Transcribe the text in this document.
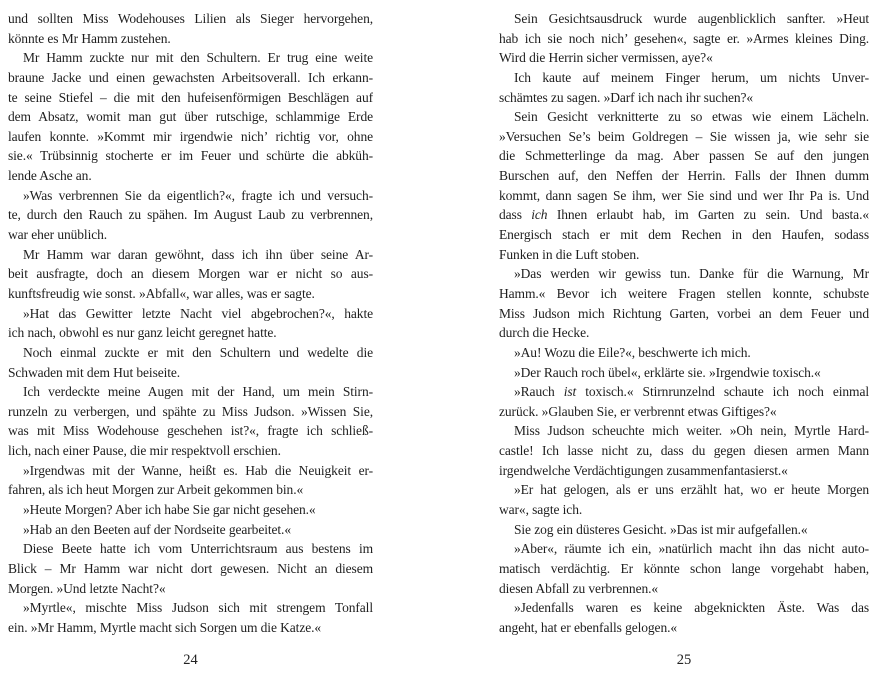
und sollten Miss Wodehouses Lilien als Sieger hervorgehen,
könnte es Mr Hamm zustehen.
Mr Hamm zuckte nur mit den Schultern. Er trug eine weite
braune Jacke und einen gewachsten Arbeitsoverall. Ich erkann-
te seine Stiefel – die mit den hufeisenförmigen Beschlägen auf
dem Absatz, womit man gut über rutschige, schlammige Erde
laufen konnte. »Kommt mir irgendwie nich’ richtig vor, ohne
sie.« Trübsinnig stocherte er im Feuer und schürte die abküh-
lende Asche an.
»Was verbrennen Sie da eigentlich?«, fragte ich und versuch-
te, durch den Rauch zu spähen. Im August Laub zu verbrennen,
war eher unüblich.
Mr Hamm war daran gewöhnt, dass ich ihn über seine Ar-
beit ausfragte, doch an diesem Morgen war er nicht so aus-
kunftsfreudig wie sonst. »Abfall«, war alles, was er sagte.
»Hat das Gewitter letzte Nacht viel abgebrochen?«, hakte
ich nach, obwohl es nur ganz leicht geregnet hatte.
Noch einmal zuckte er mit den Schultern und wedelte die
Schwaden mit dem Hut beiseite.
Ich verdeckte meine Augen mit der Hand, um mein Stirn-
runzeln zu verbergen, und spähte zu Miss Judson. »Wissen Sie,
was mit Miss Wodehouse geschehen ist?«, fragte ich schließ-
lich, nach einer Pause, die mir respektvoll erschien.
»Irgendwas mit der Wanne, heißt es. Hab die Neuigkeit er-
fahren, als ich heut Morgen zur Arbeit gekommen bin.«
»Heute Morgen? Aber ich habe Sie gar nicht gesehen.«
»Hab an den Beeten auf der Nordseite gearbeitet.«
Diese Beete hatte ich vom Unterrichtsraum aus bestens im
Blick – Mr Hamm war nicht dort gewesen. Nicht an diesem
Morgen. »Und letzte Nacht?«
»Myrtle«, mischte Miss Judson sich mit strengem Tonfall
ein. »Mr Hamm, Myrtle macht sich Sorgen um die Katze.«
24
Sein Gesichtsausdruck wurde augenblicklich sanfter. »Heut
hab ich sie noch nich’ gesehen«, sagte er. »Armes kleines Ding.
Wird die Herrin sicher vermissen, aye?«
Ich kaute auf meinem Finger herum, um nichts Unver-
schämtes zu sagen. »Darf ich nach ihr suchen?«
Sein Gesicht verknitterte zu so etwas wie einem Lächeln.
»Versuchen Se’s beim Goldregen – Sie wissen ja, wie sehr sie
die Schmetterlinge da mag. Aber passen Se auf den jungen
Burschen auf, den Neffen der Herrin. Falls der Ihnen dumm
kommt, dann sagen Se ihm, wer Sie sind und wer Ihr Pa is. Und
dass ich Ihnen erlaubt hab, im Garten zu sein. Und basta.«
Energisch stach er mit dem Rechen in den Haufen, sodass
Funken in die Luft stoben.
»Das werden wir gewiss tun. Danke für die Warnung, Mr
Hamm.« Bevor ich weitere Fragen stellen konnte, schubste
Miss Judson mich Richtung Garten, vorbei an dem Feuer und
durch die Hecke.
»Au! Wozu die Eile?«, beschwerte ich mich.
»Der Rauch roch übel«, erklärte sie. »Irgendwie toxisch.«
»Rauch ist toxisch.« Stirnrunzelnd schaute ich noch einmal
zurück. »Glauben Sie, er verbrennt etwas Giftiges?«
Miss Judson scheuchte mich weiter. »Oh nein, Myrtle Hard-
castle! Ich lasse nicht zu, dass du gegen diesen armen Mann
irgendwelche Verdächtigungen zusammenfantasierst.«
»Er hat gelogen, als er uns erzählt hat, wo er heute Morgen
war«, sagte ich.
Sie zog ein düsteres Gesicht. »Das ist mir aufgefallen.«
»Aber«, räumte ich ein, »natürlich macht ihn das nicht auto-
matisch verdächtig. Er könnte schon lange vorgehabt haben,
diesen Abfall zu verbrennen.«
»Jedenfalls waren es keine abgeknickten Äste. Was das
angeht, hat er ebenfalls gelogen.«
25
